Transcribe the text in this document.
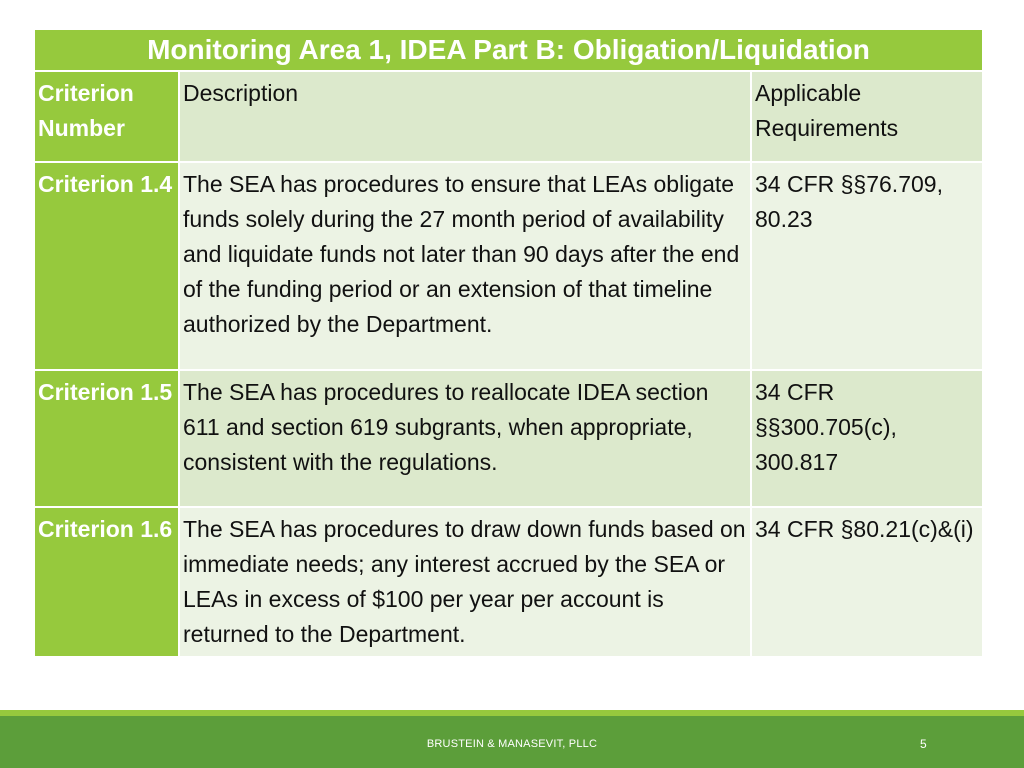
Monitoring Area 1, IDEA Part B: Obligation/Liquidation		
Criterion Number	Description	Applicable Requirements
Criterion 1.4	The SEA has procedures to ensure that LEAs obligate funds solely during the 27 month period of availability and liquidate funds not later than 90 days after the end of the funding period or an extension of that timeline authorized by the Department.	34 CFR §§76.709, 80.23
Criterion 1.5	The SEA has procedures to reallocate IDEA section 611 and section 619 subgrants, when appropriate, consistent with the regulations.	34 CFR §§300.705(c), 300.817
Criterion 1.6	The SEA has procedures to draw down funds based on immediate needs; any interest accrued by the SEA or LEAs in excess of $100 per year per account is returned to the Department.	34 CFR §80.21(c)&(i)
BRUSTEIN & MANASEVIT, PLLC	5
